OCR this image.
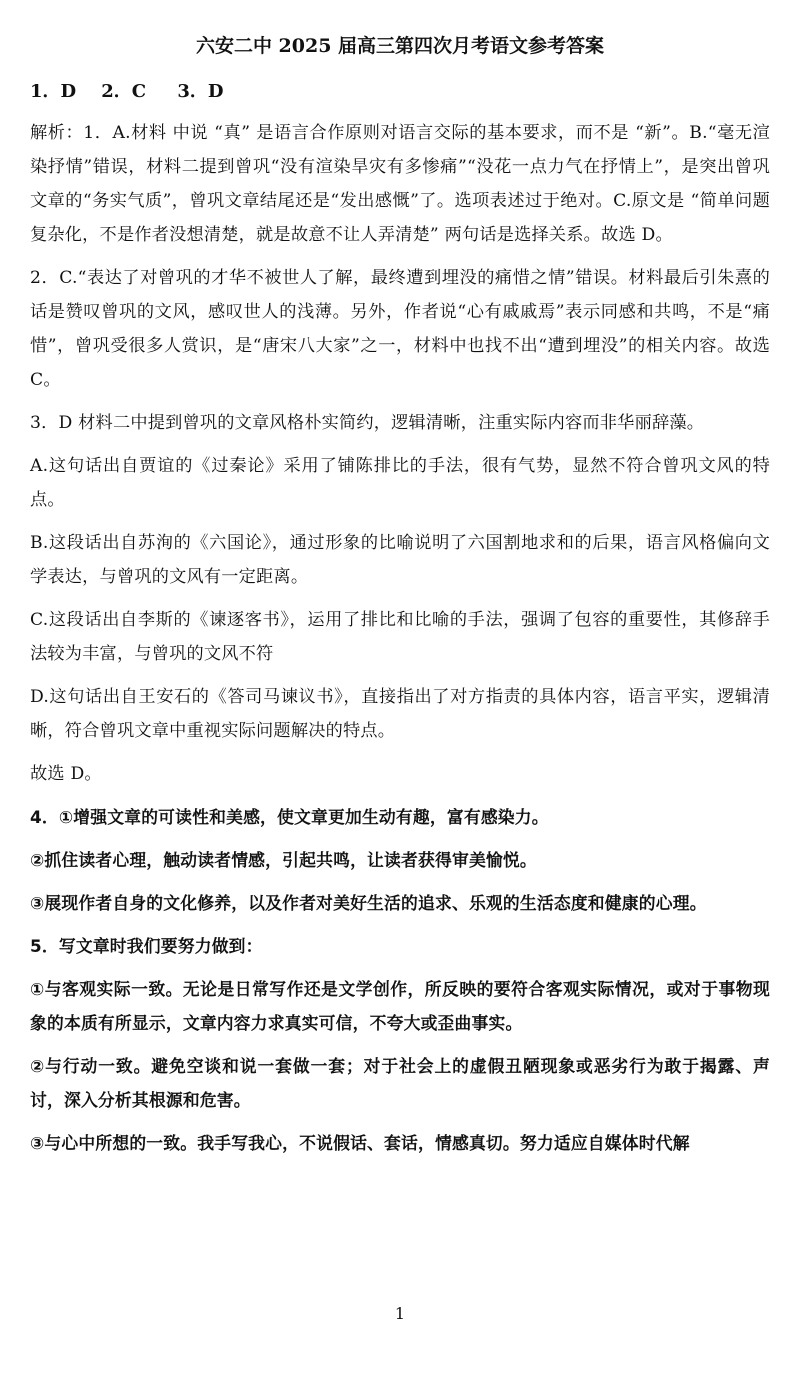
六安二中 2025 届高三第四次月考语文参考答案
1．D    2．C     3．D
解析：1．A.材料 中说 “真” 是语言合作原则对语言交际的基本要求，而不是 “新”。B.“毫无渲染抒情”错误，材料二提到曾巩“没有渲染旱灾有多惨痛”“没花一点力气在抒情上”，是突出曾巩文章的“务实气质”，曾巩文章结尾还是“发出感慨”了。选项表述过于绝对。C.原文是 “简单问题复杂化，不是作者没想清楚，就是故意不让人弄清楚” 两句话是选择关系。故选 D。
2．C.“表达了对曾巩的才华不被世人了解，最终遭到埋没的痛惜之情”错误。材料最后引朱熹的话是赞叹曾巩的文风，感叹世人的浅薄。另外，作者说“心有戚戚焉”表示同感和共鸣，不是“痛惜”，曾巩受很多人赏识，是“唐宋八大家”之一，材料中也找不出“遭到埋没”的相关内容。故选 C。
3．D 材料二中提到曾巩的文章风格朴实简约，逻辑清晰，注重实际内容而非华丽辞藻。
A.这句话出自贾谊的《过秦论》采用了铺陈排比的手法，很有气势，显然不符合曾巩文风的特点。
B.这段话出自苏洵的《六国论》，通过形象的比喻说明了六国割地求和的后果，语言风格偏向文学表达，与曾巩的文风有一定距离。
C.这段话出自李斯的《谏逐客书》，运用了排比和比喻的手法，强调了包容的重要性，其修辞手法较为丰富，与曾巩的文风不符
D.这句话出自王安石的《答司马谏议书》，直接指出了对方指责的具体内容，语言平实，逻辑清晰，符合曾巩文章中重视实际问题解决的特点。
故选 D。
4．①增强文章的可读性和美感，使文章更加生动有趣，富有感染力。
②抓住读者心理，触动读者情感，引起共鸣，让读者获得审美愉悦。
③展现作者自身的文化修养，以及作者对美好生活的追求、乐观的生活态度和健康的心理。
5．写文章时我们要努力做到：
①与客观实际一致。无论是日常写作还是文学创作，所反映的要符合客观实际情况，或对于事物现象的本质有所显示，文章内容力求真实可信，不夸大或歪曲事实。
②与行动一致。避免空谈和说一套做一套；对于社会上的虚假丑陋现象或恶劣行为敢于揭露、声讨，深入分析其根源和危害。
③与心中所想的一致。我手写我心，不说假话、套话，情感真切。努力适应自媒体时代解
1
